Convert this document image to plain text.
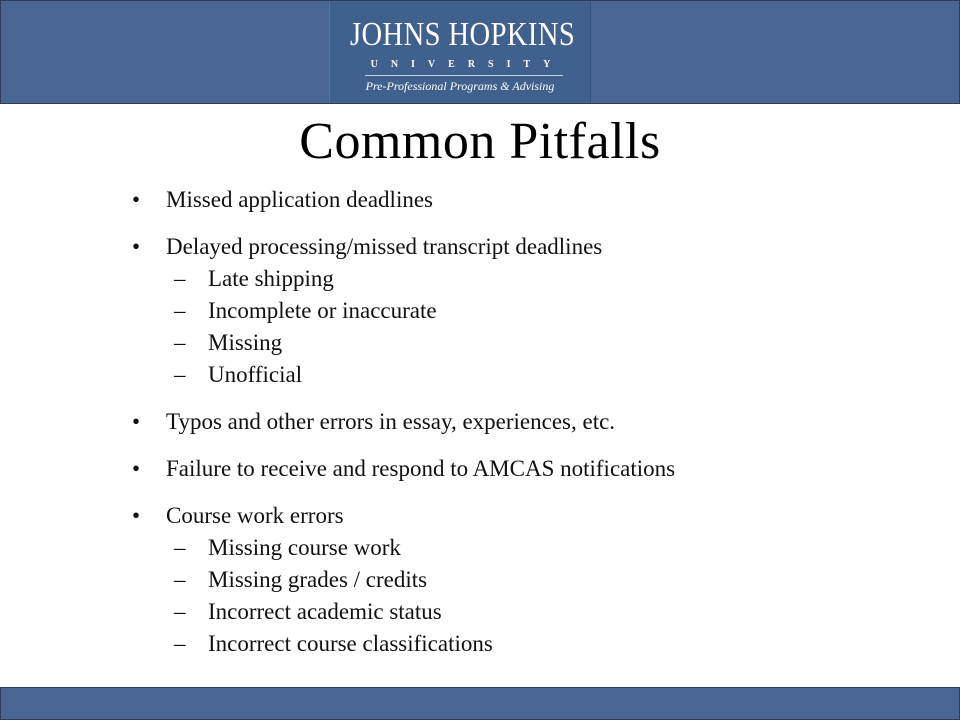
JOHNS HOPKINS
UNIVERSITY
Pre-Professional Programs & Advising
Common Pitfalls
• Missed application deadlines
• Delayed processing/missed transcript deadlines
– Late shipping
– Incomplete or inaccurate
– Missing
– Unofficial
• Typos and other errors in essay, experiences, etc.
• Failure to receive and respond to AMCAS notifications
• Course work errors
– Missing course work
– Missing grades / credits
– Incorrect academic status
– Incorrect course classifications
